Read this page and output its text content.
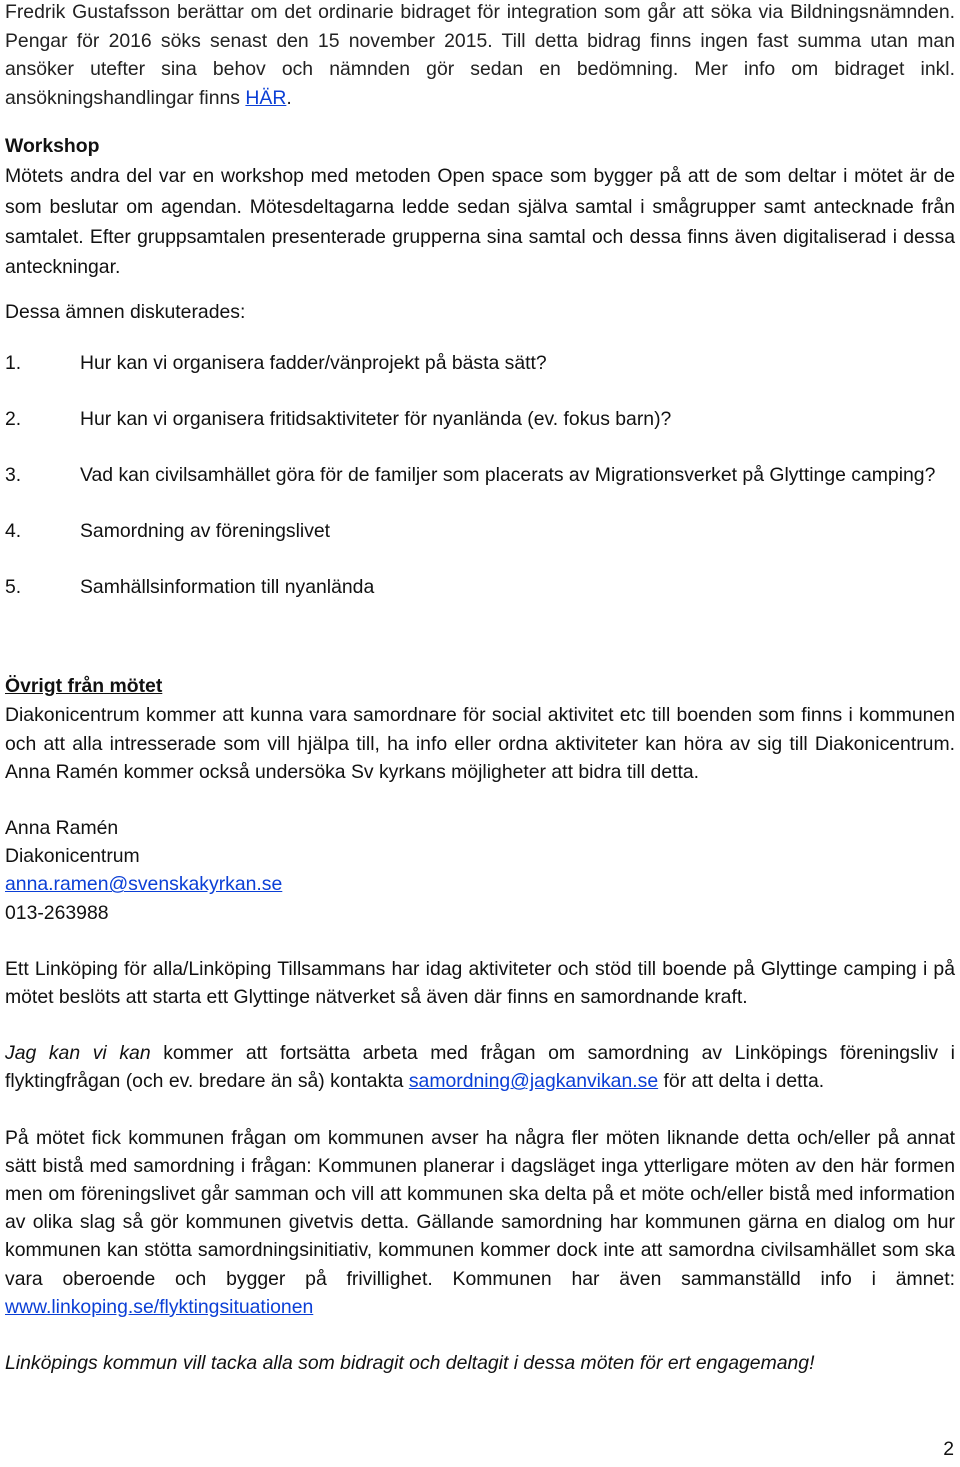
Fredrik Gustafsson berättar om det ordinarie bidraget för integration som går att söka via Bildningsnämnden. Pengar för 2016 söks senast den 15 november 2015. Till detta bidrag finns ingen fast summa utan man ansöker utefter sina behov och nämnden gör sedan en bedömning. Mer info om bidraget inkl. ansökningshandlingar finns HÄR.

Workshop

Mötets andra del var en workshop med metoden Open space som bygger på att de som deltar i mötet är de som beslutar om agendan. Mötesdeltagarna ledde sedan själva samtal i smågrupper samt antecknade från samtalet. Efter gruppsamtalen presenterade grupperna sina samtal och dessa finns även digitaliserad i dessa anteckningar.

Dessa ämnen diskuterades:

1.	Hur kan vi organisera fadder/vänprojekt på bästa sätt?
2.	Hur kan vi organisera fritidsaktiviteter för nyanlända (ev. fokus barn)?
3.	Vad kan civilsamhället göra för de familjer som placerats av Migrationsverket på Glyttinge camping?
4.	Samordning av föreningslivet
5.	Samhällsinformation till nyanlända
Övrigt från mötet

Diakonicentrum kommer att kunna vara samordnare för social aktivitet etc till boenden som finns i kommunen och att alla intresserade som vill hjälpa till, ha info eller ordna aktiviteter kan höra av sig till Diakonicentrum. Anna Ramén kommer också undersöka Sv kyrkans möjligheter att bidra till detta.

Anna Ramén
Diakonicentrum
anna.ramen@svenskakyrkan.se
013-263988

Ett Linköping för alla/Linköping Tillsammans har idag aktiviteter och stöd till boende på Glyttinge camping i på mötet beslöts att starta ett Glyttinge nätverket så även där finns en samordnande kraft.

Jag kan vi kan kommer att fortsätta arbeta med frågan om samordning av Linköpings föreningsliv i flyktingfrågan (och ev. bredare än så) kontakta samordning@jagkanvikan.se för att delta i detta.

På mötet fick kommunen frågan om kommunen avser ha några fler möten liknande detta och/eller på annat sätt bistå med samordning i frågan: Kommunen planerar i dagsläget inga ytterligare möten av den här formen men om föreningslivet går samman och vill att kommunen ska delta på et möte och/eller bistå med information av olika slag så gör kommunen givetvis detta. Gällande samordning har kommunen gärna en dialog om hur kommunen kan stötta samordningsinitiativ, kommunen kommer dock inte att samordna civilsamhället som ska vara oberoende och bygger på frivillighet. Kommunen har även sammanställd info i ämnet: www.linkoping.se/flyktingsituationen

Linköpings kommun vill tacka alla som bidragit och deltagit i dessa möten för ert engagemang!

2
